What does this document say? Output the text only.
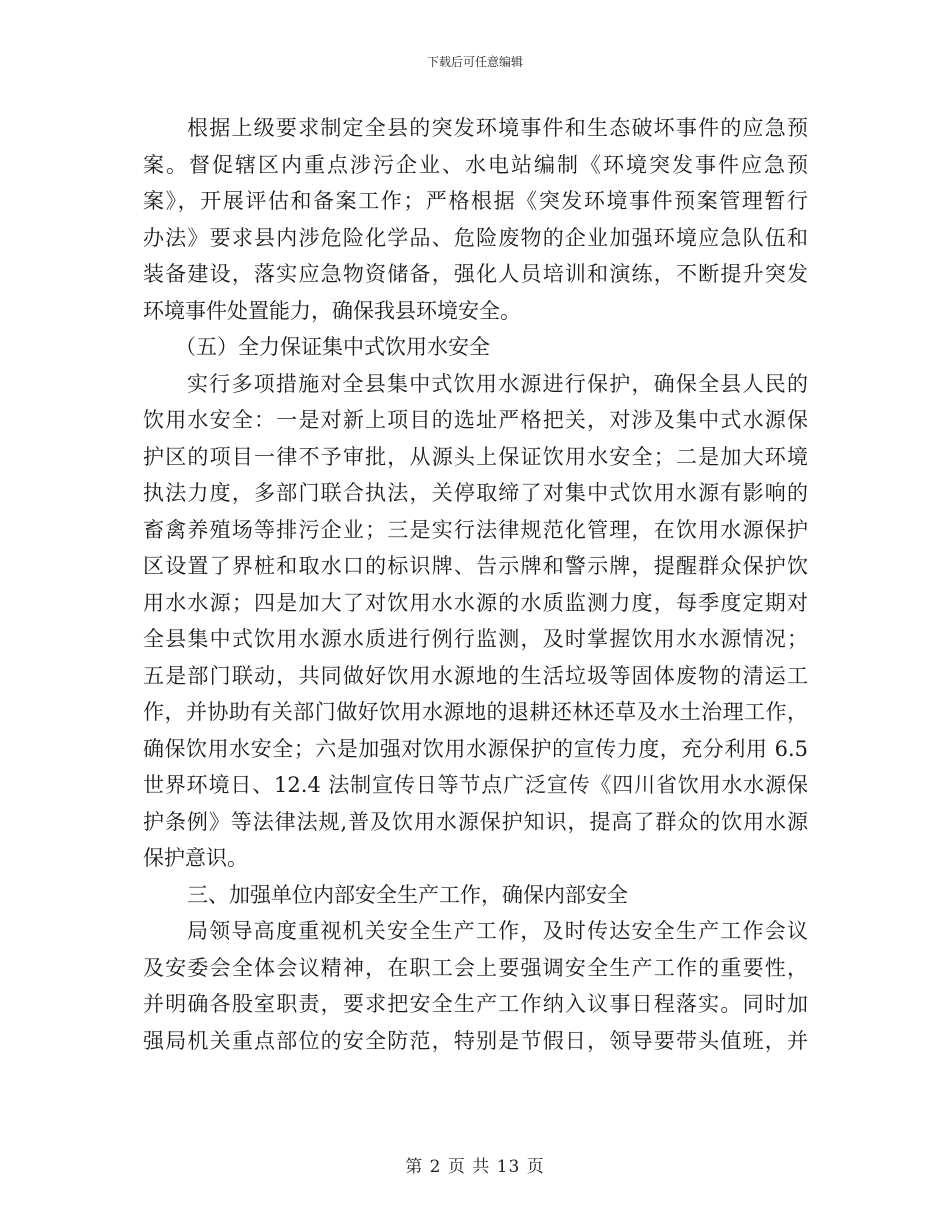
下载后可任意编辑
根据上级要求制定全县的突发环境事件和生态破坏事件的应急预
案。督促辖区内重点涉污企业、水电站编制《环境突发事件应急预
案》，开展评估和备案工作；严格根据《突发环境事件预案管理暂行
办法》要求县内涉危险化学品、危险废物的企业加强环境应急队伍和
装备建设，落实应急物资储备，强化人员培训和演练，不断提升突发
环境事件处置能力，确保我县环境安全。
（五）全力保证集中式饮用水安全
实行多项措施对全县集中式饮用水源进行保护，确保全县人民的
饮用水安全：一是对新上项目的选址严格把关，对涉及集中式水源保
护区的项目一律不予审批，从源头上保证饮用水安全；二是加大环境
执法力度，多部门联合执法，关停取缔了对集中式饮用水源有影响的
畜禽养殖场等排污企业；三是实行法律规范化管理，在饮用水源保护
区设置了界桩和取水口的标识牌、告示牌和警示牌，提醒群众保护饮
用水水源；四是加大了对饮用水水源的水质监测力度，每季度定期对
全县集中式饮用水源水质进行例行监测，及时掌握饮用水水源情况；
五是部门联动，共同做好饮用水源地的生活垃圾等固体废物的清运工
作，并协助有关部门做好饮用水源地的退耕还林还草及水土治理工作，
确保饮用水安全；六是加强对饮用水源保护的宣传力度，充分利用 6.5
世界环境日、12.4 法制宣传日等节点广泛宣传《四川省饮用水水源保
护条例》等法律法规,普及饮用水源保护知识，提高了群众的饮用水源
保护意识。
三、加强单位内部安全生产工作，确保内部安全
局领导高度重视机关安全生产工作，及时传达安全生产工作会议
及安委会全体会议精神，在职工会上要强调安全生产工作的重要性，
并明确各股室职责，要求把安全生产工作纳入议事日程落实。同时加
强局机关重点部位的安全防范，特别是节假日，领导要带头值班，并
第 2 页 共 13 页
